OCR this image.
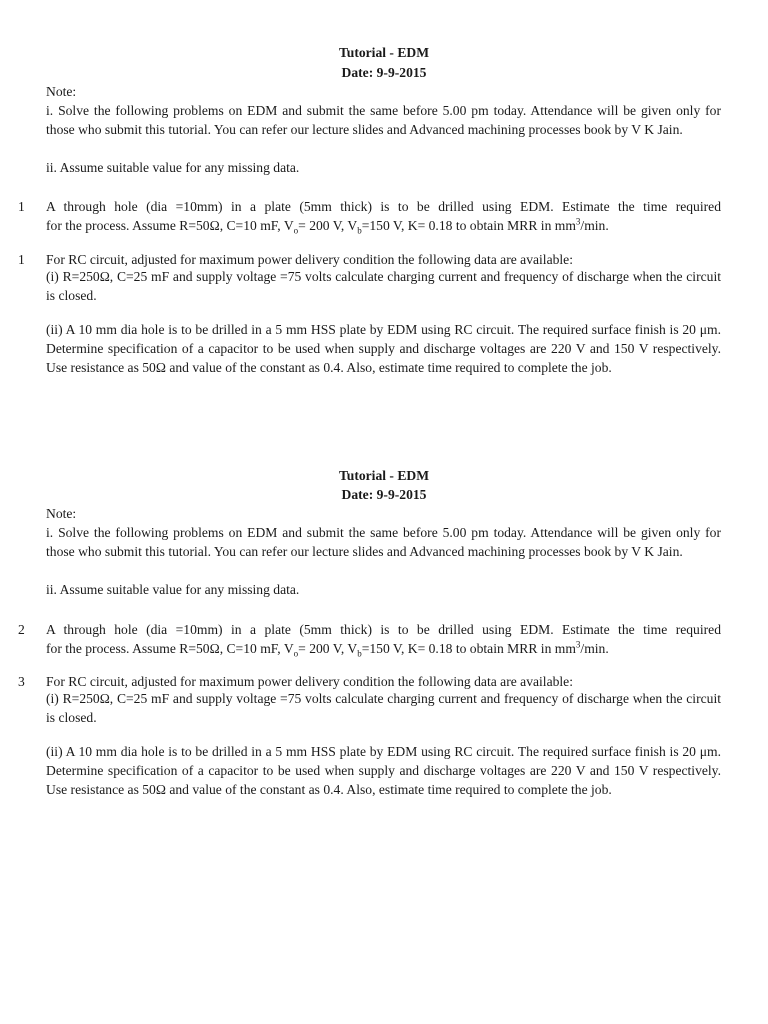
Tutorial - EDM
Date: 9-9-2015
Note:
i. Solve the following problems on EDM and submit the same before 5.00 pm today. Attendance will be given only for those who submit this tutorial. You can refer our lecture slides and Advanced machining processes book by V K Jain.
ii. Assume suitable value for any missing data.
1	A through hole (dia =10mm) in a plate (5mm thick) is to be drilled using EDM. Estimate the time required
for the process. Assume R=50Ω, C=10 mF, $V_o= 200$ V, $V_b=150$ V, K= 0.18 to obtain MRR in $mm^3/\min$.
1	For RC circuit, adjusted for maximum power delivery condition the following data are available:
(i) R=250Ω, C=25 mF and supply voltage =75 volts calculate charging current and frequency of discharge when the circuit is closed.
(ii) A 10 mm dia hole is to be drilled in a 5 mm HSS plate by EDM using RC circuit. The required surface finish is 20 μm. Determine specification of a capacitor to be used when supply and discharge voltages are 220 V and 150 V respectively. Use resistance as 50Ω and value of the constant as 0.4. Also, estimate time required to complete the job.
Tutorial - EDM
Date: 9-9-2015
Note:
i. Solve the following problems on EDM and submit the same before 5.00 pm today. Attendance will be given only for those who submit this tutorial. You can refer our lecture slides and Advanced machining processes book by V K Jain.
ii. Assume suitable value for any missing data.
2	A through hole (dia =10mm) in a plate (5mm thick) is to be drilled using EDM. Estimate the time required
for the process. Assume R=50Ω, C=10 mF, $V_o= 200$ V, $V_b=150$ V, K= 0.18 to obtain MRR in $mm^3/\min$.
3	For RC circuit, adjusted for maximum power delivery condition the following data are available:
(i) R=250Ω, C=25 mF and supply voltage =75 volts calculate charging current and frequency of discharge when the circuit is closed.
(ii) A 10 mm dia hole is to be drilled in a 5 mm HSS plate by EDM using RC circuit. The required surface finish is 20 μm. Determine specification of a capacitor to be used when supply and discharge voltages are 220 V and 150 V respectively. Use resistance as 50Ω and value of the constant as 0.4. Also, estimate time required to complete the job.
